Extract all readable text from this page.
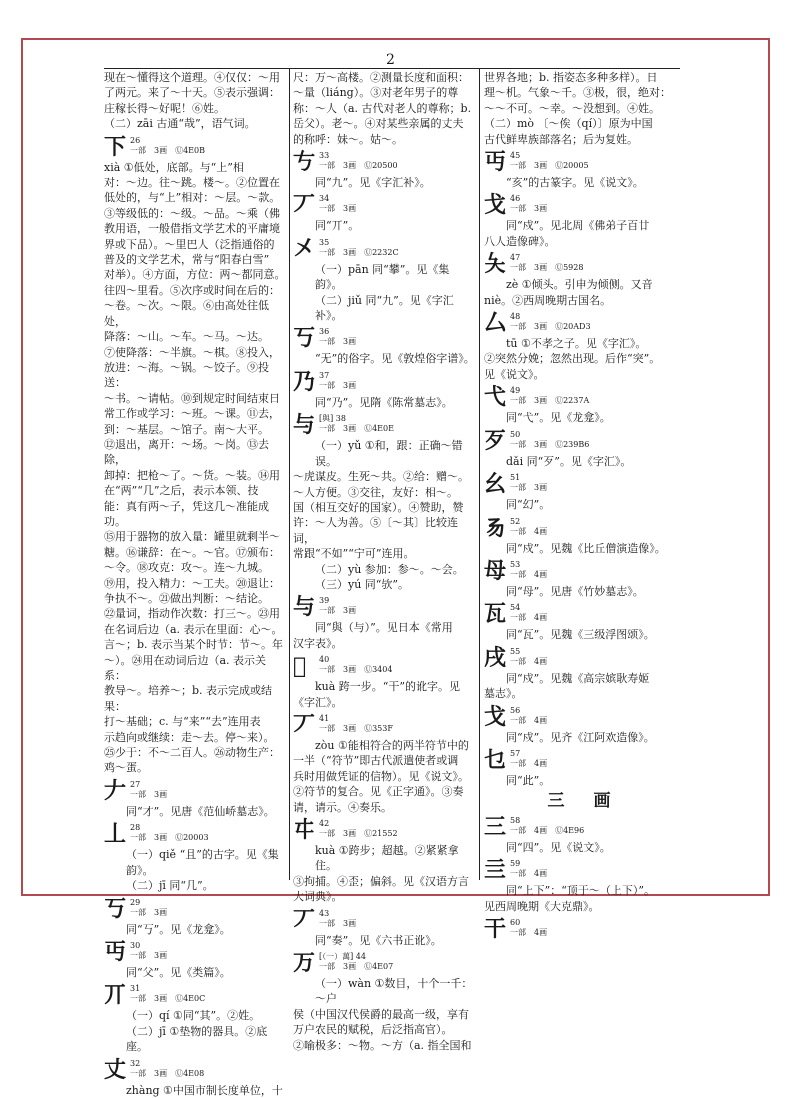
2

现在～懂得这个道理。④仅仅：～用

了两元。来了～十天。⑤表示强调：

庄稼长得～好呢！⑥姓。

（二）zāi 古通“哉”，语气词。

下 26
一部　3画　Ⓤ4E0B

xià ①低处，底部。与“上”相

对：～边。往～跳。楼～。②位置在

低处的，与“上”相对：～层。～款。

③等级低的：～级。～品。～乘（佛

教用语，一般借指文学艺术的平庸境

界或下品）。～里巴人（泛指通俗的

普及的文学艺术，常与“阳春白雪”

对举）。④方面，方位：两～都同意。

往四～里看。⑤次序或时间在后的：

～卷。～次。～限。⑥由高处往低处，

降落：～山。～车。～马。～达。

⑦使降落：～半旗。～棋。⑧投入，

放进：～海。～锅。～饺子。⑨投送：

～书。～请帖。⑩到规定时间结束日

常工作或学习：～班。～课。⑪去，

到：～基层。～馆子。南～大平。

⑫退出，离开：～场。～岗。⑬去除，

卸掉：把枪～了。～货。～装。⑭用

在“两”“几”之后，表示本领、技

能：真有两～子，凭这几～准能成功。

⑮用于器物的放入量：罐里就剩半～

糖。⑯谦辞：在～。～官。⑰颁布：

～令。⑱攻克：攻～。连～九城。

⑲用，投入精力：～工夫。⑳退让：

争执不～。㉑做出判断：～结论。

㉒量词，指动作次数：打三～。㉓用

在名词后边（a. 表示在里面：心～。

言～；b. 表示当某个时节：节～。年

～）。㉔用在动词后边（a. 表示关系：

教导～。培养～；b. 表示完成或结果：

打～基础；c. 与“来”“去”连用表

示趋向或继续：走～去。停～来）。

㉕少于：不～二百人。㉖动物生产：

鸡～蛋。

𠂇 27
一部　3画

同“才”。见唐《范仙峤墓志》。

丄 28
一部　3画　Ⓤ20003

（一）qiě “且”的古字。见《集韵》。

（二）jī 同“几”。

丂 29
一部　3画

同“丂”。见《龙龛》。

丏 30
一部　3画

同“父”。见《类篇》。

丌 31
一部　3画　Ⓤ4E0C

（一）qí ①同“其”。②姓。

（二）jī ①垫物的器具。②底座。

丈 32
一部　3画　Ⓤ4E08

zhàng ①中国市制长度单位，十

尺：万～高楼。②测量长度和面积：

～量（liáng）。③对老年男子的尊

称：～人（a. 古代对老人的尊称；b.

岳父）。老～。④对某些亲属的丈夫

的称呼：妹～。姑～。

𠀁 33
一部　3画　Ⓤ20500

同“九”。见《字汇补》。

丆 34
一部　3画

同“丌”。

㐅 35
一部　3画　Ⓤ2232C

（一）pān 同“攀”。见《集韵》。

（二）jiǔ 同“九”。见《字汇补》。

丂 36
一部　3画

“无”的俗字。见《敦煌俗字谱》。

乃 37
一部　3画

同“乃”。见隋《陈常墓志》。

与 [與] 38
一部　3画　Ⓤ4E0E

（一）yǔ ①和，跟：正确～错误。

～虎谋皮。生死～共。②给：赠～。

～人方便。③交往，友好：相～。

国（相互交好的国家）。④赞助，赞

许：～人为善。⑤〔～其〕比较连词，

常跟“不如”“宁可”连用。

（二）yù 参加：参～。～会。

（三）yú 同“欤”。

与 39
一部　3画

同“與（与）”。见日本《常用

汉字表》。

𠀆 40
一部　3画　Ⓤ3404

kuà 跨一步。“干”的讹字。见

《字汇》。

丆 41
一部　3画　Ⓤ353F

zòu ①能相符合的两半符节中的

一半（“符节”即古代派遣使者或调

兵时用做凭证的信物）。见《说文》。

②符节的复合。见《正字通》。③奏

请，请示。④奏乐。

㐄 42
一部　3画　Ⓤ21552

kuà ①跨步；超越。②紧紧拿住。

③拘捕。④歪；偏斜。见《汉语方言

大词典》。

丆 43
一部　3画

同“奏”。见《六书正讹》。

万 [（一）萬] 44
一部　3画　Ⓤ4E07

（一）wàn ①数目，十个一千：～户

侯（中国汉代侯爵的最高一级，享有

万户农民的赋税，后泛指高官）。

②喻极多：～物。～方（a. 指全国和

世界各地；b. 指姿态多种多样）。日

理～机。气象～千。③极，很，绝对：

～～不可。～幸。～没想到。④姓。

（二）mò 〔～俟（qí）〕原为中国

古代鲜卑族部落名；后为复姓。

丏 45
一部　3画　Ⓤ20005

“亥”的古篆字。见《说文》。

戈 46
一部　3画

同“戍”。见北周《佛弟子百廿

八人造像碑》。

夨 47
一部　3画　Ⓤ5928

zè ①倾头。引申为倾侧。又音

niè。②西周晚期古国名。

厶 48
一部　3画　Ⓤ20AD3

tū ①不孝之子。见《字汇》。

②突然分娩；忽然出现。后作“突”。

见《说文》。

弋 49
一部　3画　Ⓤ2237A

同“弋”。见《龙龛》。

歹 50
一部　3画　Ⓤ239B6

dǎi 同“歹”。见《字汇》。

幺 51
一部　3画

同“幻”。

𠃓 52
一部　4画

同“戍”。见魏《比丘僧演造像》。

母 53
一部　4画

同“母”。见唐《竹妙墓志》。

瓦 54
一部　4画

同“瓦”。见魏《三级浮图颂》。

戌 55
一部　4画

同“戍”。见魏《高宗嫔耿寿姬

墓志》。

戈 56
一部　4画

同“戍”。见齐《江阿欢造像》。

乜 57
一部　4画

同“此”。

三　画
三 58
一部　4画　Ⓤ4E96

同“四”。见《说文》。

亖 59
一部　4画

同“上下”：“顶于～（上下）”。

见西周晚期《大克鼎》。

干 60
一部　4画
